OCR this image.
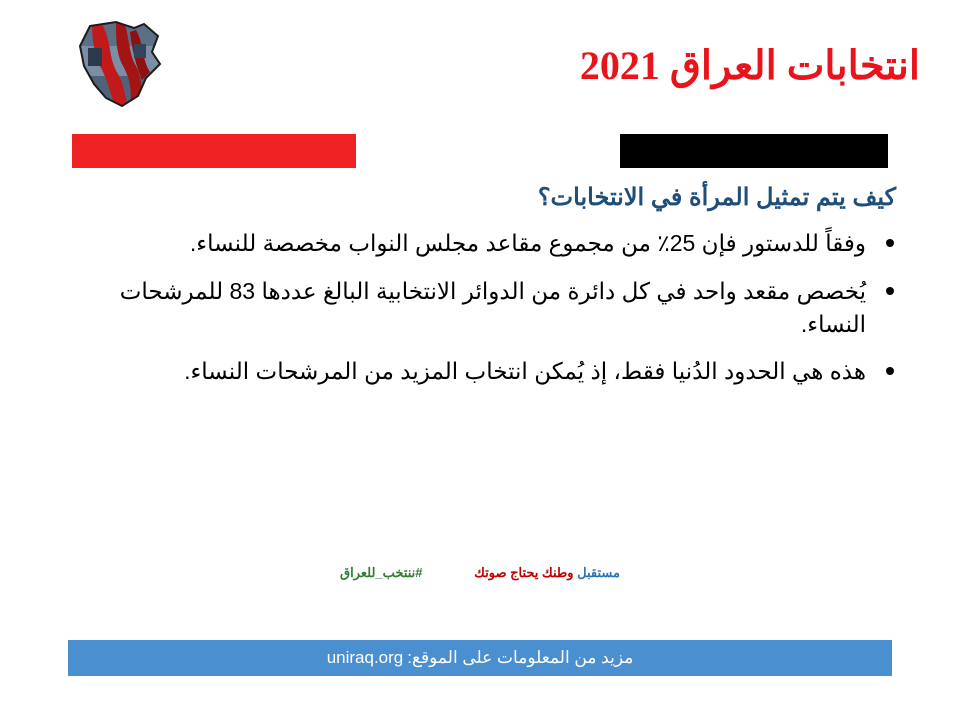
انتخابات العراق 2021
كيف يتم تمثيل المرأة في الانتخابات؟
وفقاً للدستور فإن 25٪ من مجموع مقاعد مجلس النواب مخصصة للنساء.
يُخصص مقعد واحد في كل دائرة من الدوائر الانتخابية البالغ عددها 83 للمرشحات النساء.
هذه هي الحدود الدُنيا فقط، إذ يُمكن انتخاب المزيد من المرشحات النساء.
مستقبل وطنك يحتاج صوتك #ننتخب_للعراق
مزيد من المعلومات على الموقع:
uniraq.org
